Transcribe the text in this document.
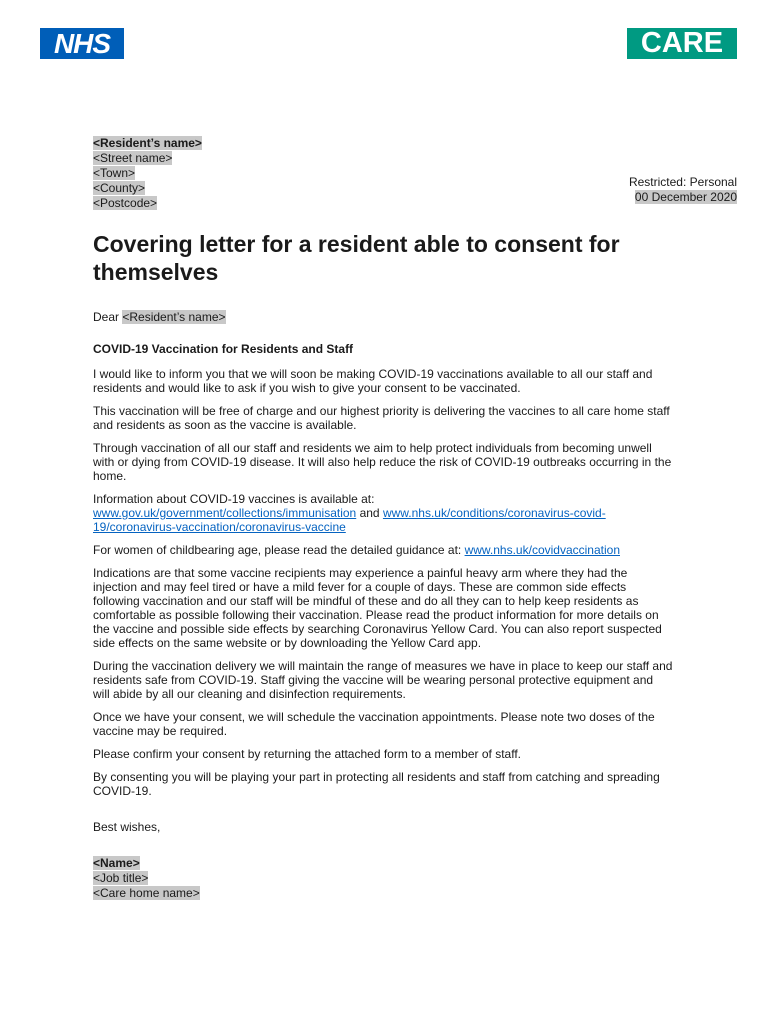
NHS	CARE
<Resident’s name>
<Street name>
<Town>
<County>
<Postcode>
Restricted: Personal
00 December 2020
Covering letter for a resident able to consent for themselves

Dear <Resident’s name>

COVID-19 Vaccination for Residents and Staff

I would like to inform you that we will soon be making COVID-19 vaccinations available to all our staff and residents and would like to ask if you wish to give your consent to be vaccinated.

This vaccination will be free of charge and our highest priority is delivering the vaccines to all care home staff and residents as soon as the vaccine is available.

Through vaccination of all our staff and residents we aim to help protect individuals from becoming unwell with or dying from COVID-19 disease. It will also help reduce the risk of COVID-19 outbreaks occurring in the home.

Information about COVID-19 vaccines is available at:
www.gov.uk/government/collections/immunisation and www.nhs.uk/conditions/coronavirus-covid-19/coronavirus-vaccination/coronavirus-vaccine

For women of childbearing age, please read the detailed guidance at: www.nhs.uk/covidvaccination

Indications are that some vaccine recipients may experience a painful heavy arm where they had the injection and may feel tired or have a mild fever for a couple of days. These are common side effects following vaccination and our staff will be mindful of these and do all they can to help keep residents as comfortable as possible following their vaccination. Please read the product information for more details on the vaccine and possible side effects by searching Coronavirus Yellow Card. You can also report suspected side effects on the same website or by downloading the Yellow Card app.

During the vaccination delivery we will maintain the range of measures we have in place to keep our staff and residents safe from COVID-19. Staff giving the vaccine will be wearing personal protective equipment and will abide by all our cleaning and disinfection requirements.

Once we have your consent, we will schedule the vaccination appointments. Please note two doses of the vaccine may be required.

Please confirm your consent by returning the attached form to a member of staff.

By consenting you will be playing your part in protecting all residents and staff from catching and spreading COVID-19.

Best wishes,

<Name>
<Job title>
<Care home name>
